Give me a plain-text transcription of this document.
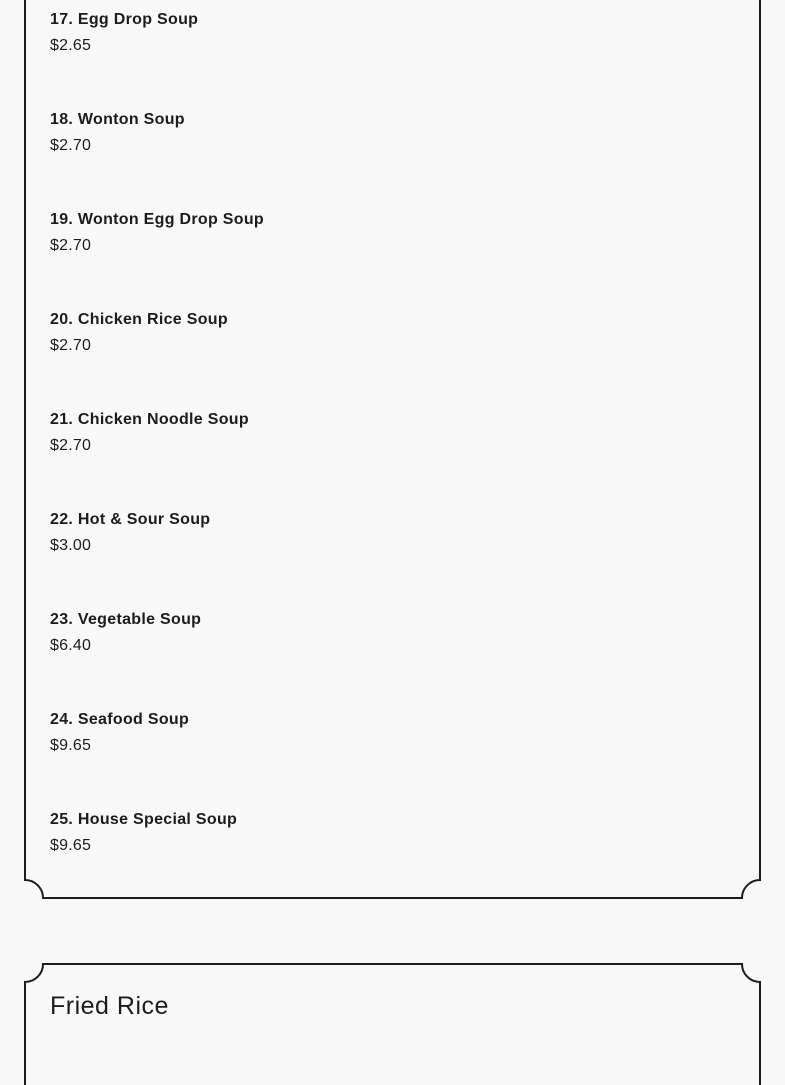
17. Egg Drop Soup
$2.65
18. Wonton Soup
$2.70
19. Wonton Egg Drop Soup
$2.70
20. Chicken Rice Soup
$2.70
21. Chicken Noodle Soup
$2.70
22. Hot & Sour Soup
$3.00
23. Vegetable Soup
$6.40
24. Seafood Soup
$9.65
25. House Special Soup
$9.65
Fried Rice
